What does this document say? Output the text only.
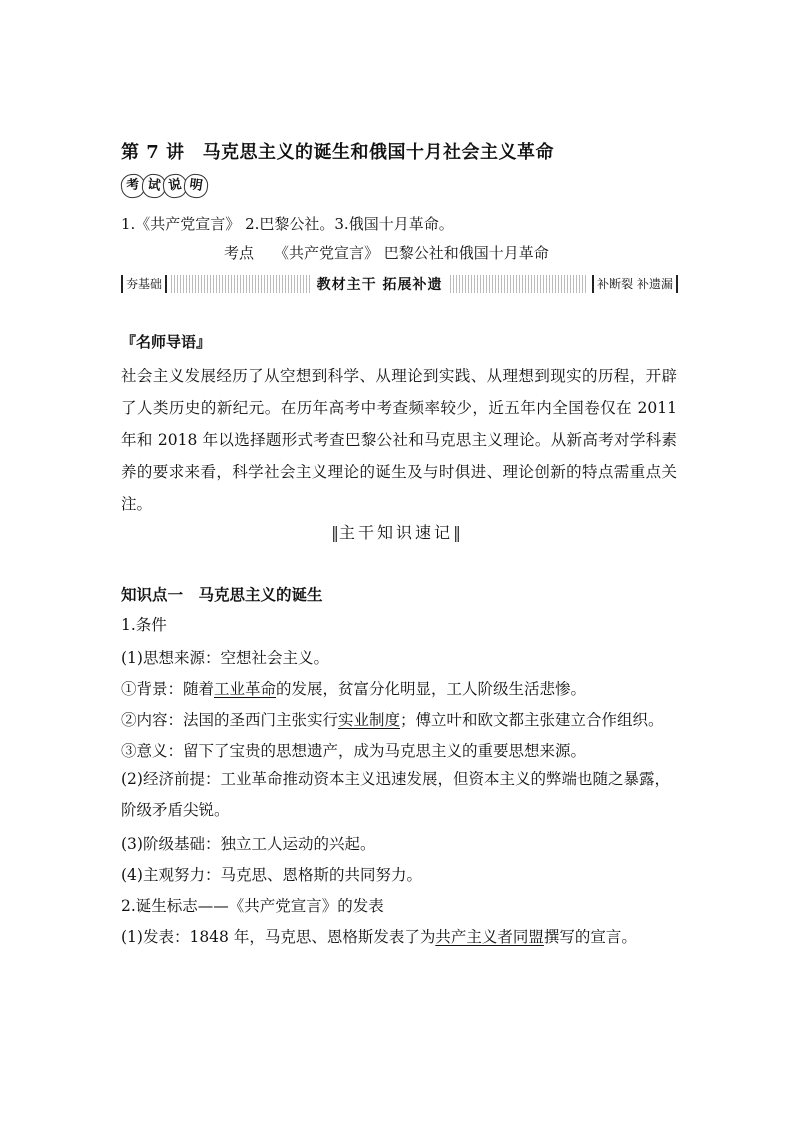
第 7 讲 马克思主义的诞生和俄国十月社会主义革命
考 试 说 明
1.《共产党宣言》 2.巴黎公社。3.俄国十月革命。
考点 《共产党宣言》 巴黎公社和俄国十月革命
夯基础	教材主干 拓展补遗	补断裂 补遗漏
『名师导语』
社会主义发展经历了从空想到科学、从理论到实践、从理想到现实的历程，开辟了人类历史的新纪元。在历年高考中考查频率较少，近五年内全国卷仅在 2011 年和 2018 年以选择题形式考查巴黎公社和马克思主义理论。从新高考对学科素养的要求来看，科学社会主义理论的诞生及与时俱进、理论创新的特点需重点关注。
‖主干知识速记‖
知识点一　马克思主义的诞生
1.条件
(1)思想来源：空想社会主义。
①背景：随着工业革命的发展，贫富分化明显，工人阶级生活悲惨。
②内容：法国的圣西门主张实行实业制度；傅立叶和欧文都主张建立合作组织。
③意义：留下了宝贵的思想遗产，成为马克思主义的重要思想来源。
(2)经济前提：工业革命推动资本主义迅速发展，但资本主义的弊端也随之暴露，阶级矛盾尖锐。
(3)阶级基础：独立工人运动的兴起。
(4)主观努力：马克思、恩格斯的共同努力。
2.诞生标志——《共产党宣言》的发表
(1)发表：1848 年，马克思、恩格斯发表了为共产主义者同盟撰写的宣言。
